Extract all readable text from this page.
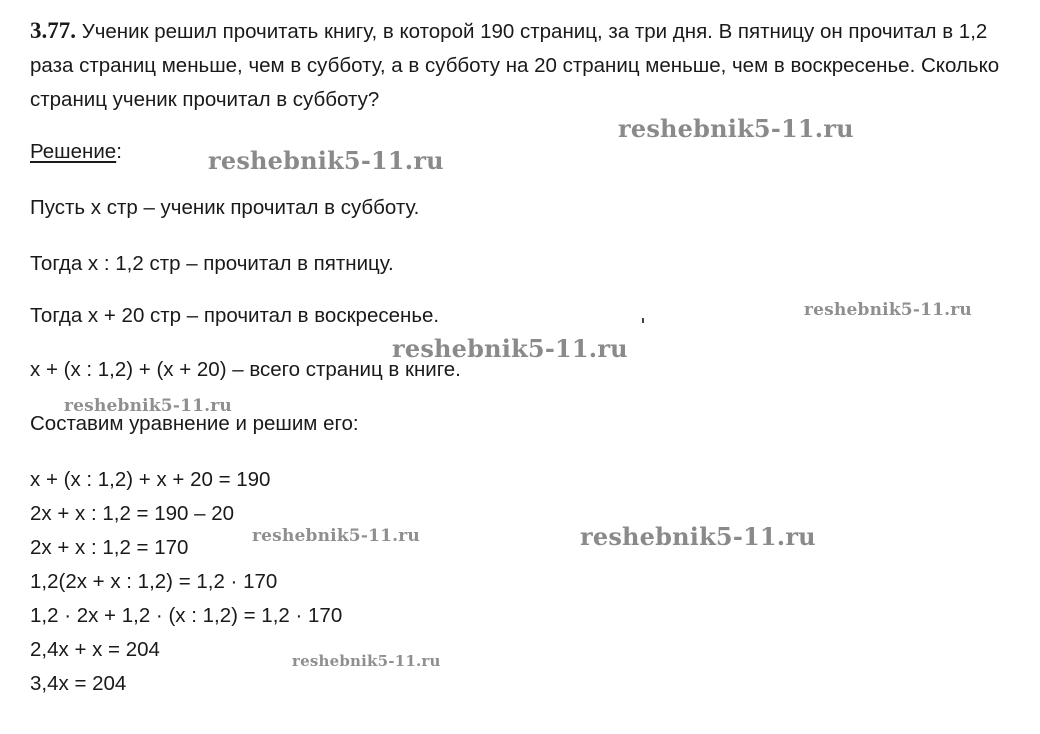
3.77. Ученик решил прочитать книгу, в которой 190 страниц, за три дня. В пятницу он прочитал в 1,2 раза страниц меньше, чем в субботу, а в субботу на 20 страниц меньше, чем в воскресенье. Сколько страниц ученик прочитал в субботу?
Решение:
Пусть x стр – ученик прочитал в субботу.
Тогда x : 1,2 стр – прочитал в пятницу.
Тогда x + 20 стр – прочитал в воскресенье.
x + (x : 1,2) + (x + 20) – всего страниц в книге.
Составим уравнение и решим его:
x + (x : 1,2) + x + 20 = 190
2x + x : 1,2 = 190 – 20
2x + x : 1,2 = 170
1,2(2x + x : 1,2) = 1,2 · 170
1,2 · 2x + 1,2 · (x : 1,2) = 1,2 · 170
2,4x + x = 204
3,4x = 204
reshebnik5-11.ru
reshebnik5-11.ru
reshebnik5-11.ru
reshebnik5-11.ru
reshebnik5-11.ru
reshebnik5-11.ru	reshebnik5-11.ru
reshebnik5-11.ru
